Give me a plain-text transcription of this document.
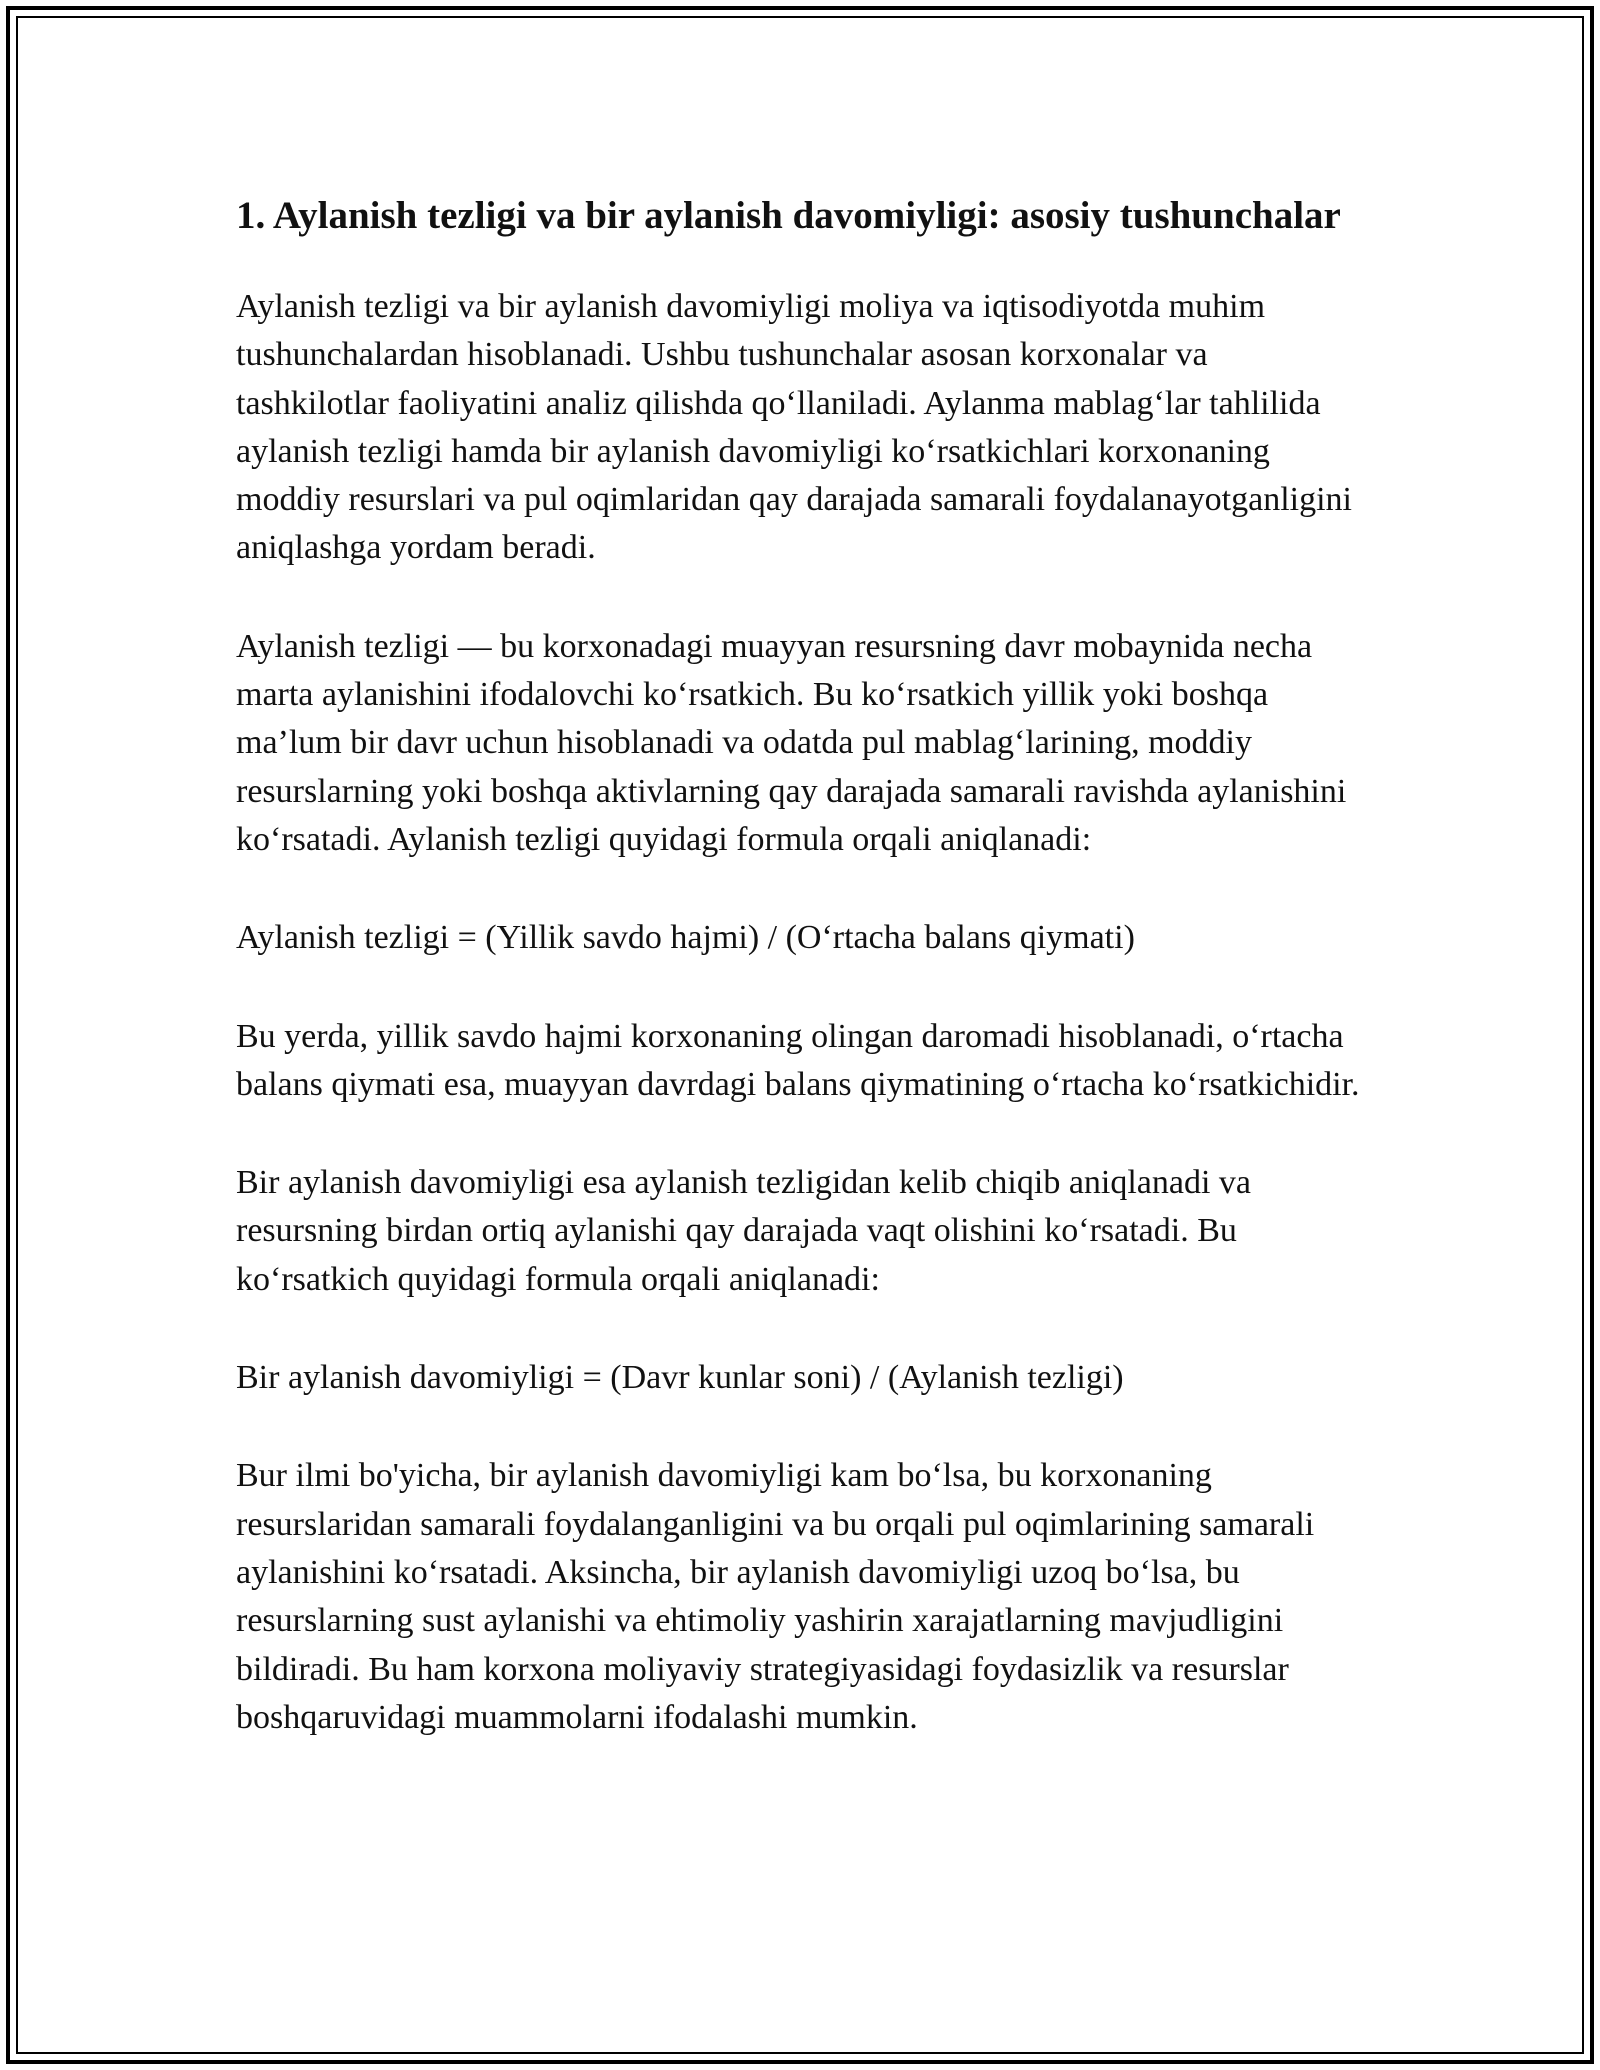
1. Aylanish tezligi va bir aylanish davomiyligi: asosiy tushunchalar

Aylanish tezligi va bir aylanish davomiyligi moliya va iqtisodiyotda muhim tushunchalardan hisoblanadi. Ushbu tushunchalar asosan korxonalar va tashkilotlar faoliyatini analiz qilishda qo‘llaniladi. Aylanma mablag‘lar tahlilida aylanish tezligi hamda bir aylanish davomiyligi ko‘rsatkichlari korxonaning moddiy resurslari va pul oqimlaridan qay darajada samarali foydalanayotganligini aniqlashga yordam beradi.

Aylanish tezligi — bu korxonadagi muayyan resursning davr mobaynida necha marta aylanishini ifodalovchi ko‘rsatkich. Bu ko‘rsatkich yillik yoki boshqa ma’lum bir davr uchun hisoblanadi va odatda pul mablag‘larining, moddiy resurslarning yoki boshqa aktivlarning qay darajada samarali ravishda aylanishini ko‘rsatadi. Aylanish tezligi quyidagi formula orqali aniqlanadi:

Aylanish tezligi = (Yillik savdo hajmi) / (O‘rtacha balans qiymati)

Bu yerda, yillik savdo hajmi korxonaning olingan daromadi hisoblanadi, o‘rtacha balans qiymati esa, muayyan davrdagi balans qiymatining o‘rtacha ko‘rsatkichidir.

Bir aylanish davomiyligi esa aylanish tezligidan kelib chiqib aniqlanadi va resursning birdan ortiq aylanishi qay darajada vaqt olishini ko‘rsatadi. Bu ko‘rsatkich quyidagi formula orqali aniqlanadi:

Bir aylanish davomiyligi = (Davr kunlar soni) / (Aylanish tezligi)

Bur ilmi bo'yicha, bir aylanish davomiyligi kam bo‘lsa, bu korxonaning resurslaridan samarali foydalanganligini va bu orqali pul oqimlarining samarali aylanishini ko‘rsatadi. Aksincha, bir aylanish davomiyligi uzoq bo‘lsa, bu resurslarning sust aylanishi va ehtimoliy yashirin xarajatlarning mavjudligini bildiradi. Bu ham korxona moliyaviy strategiyasidagi foydasizlik va resurslar boshqaruvidagi muammolarni ifodalashi mumkin.
